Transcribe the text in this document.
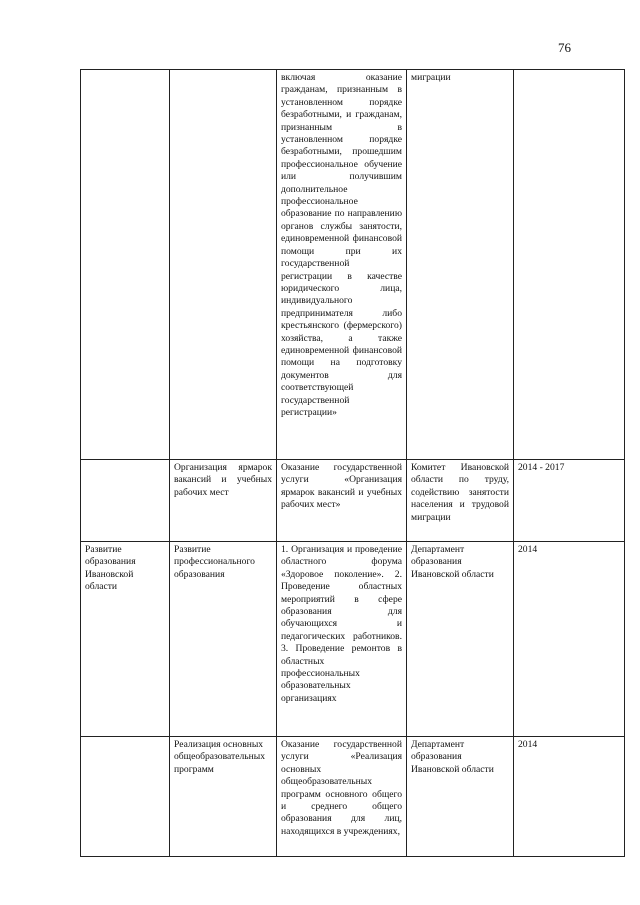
76
		включая оказание гражданам, признанным в установленном порядке безработными, и гражданам, признанным в установленном порядке безработными, прошедшим профессиональное обучение или получившим дополнительное профессиональное образование по направлению органов службы занятости, единовременной финансовой помощи при их государственной регистрации в качестве юридического лица, индивидуального предпринимателя либо крестьянского (фермерского) хозяйства, а также единовременной финансовой помощи на подготовку документов для соответствующей государственной регистрации»	миграции	
	Организация ярмарок вакансий и учебных рабочих мест	Оказание государственной услуги «Организация ярмарок вакансий и учебных рабочих мест»	Комитет Ивановской области по труду, содействию занятости населения и трудовой миграции	2014 - 2017
Развитие образования Ивановской области	Развитие профессионального образования	1. Организация и проведение областного форума «Здоровое поколение». 2. Проведение областных мероприятий в сфере образования для обучающихся и педагогических работников. 3. Проведение ремонтов в областных профессиональных образовательных организациях	Департамент образования Ивановской области	2014
	Реализация основных общеобразовательных программ	Оказание государственной услуги «Реализация основных общеобразовательных программ основного общего и среднего общего образования для лиц, находящихся в учреждениях,	Департамент образования Ивановской области	2014
